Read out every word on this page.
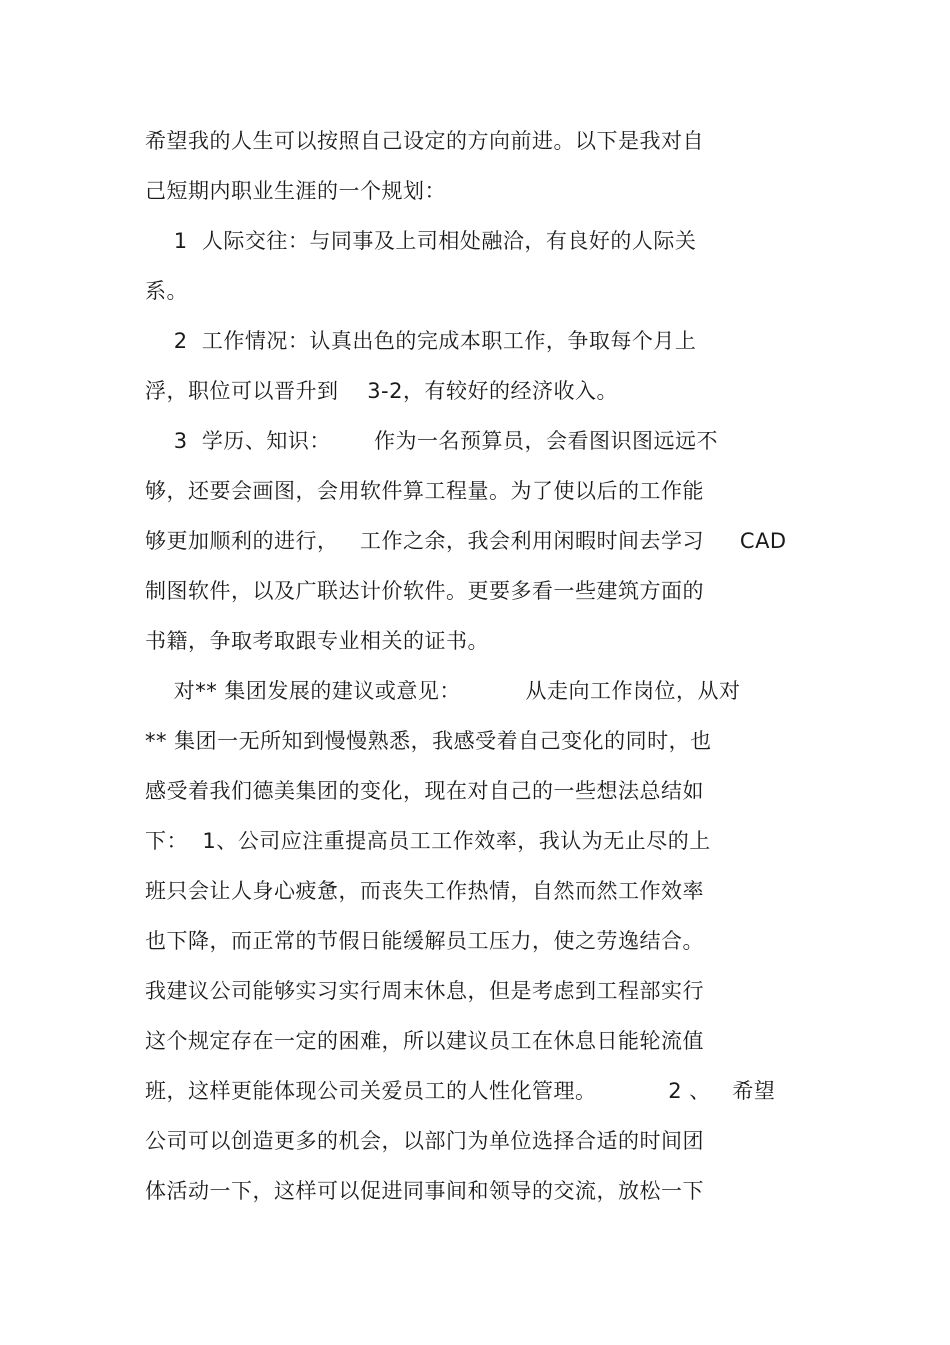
希望我的人生可以按照自己设定的方向前进。以下是我对自
己短期内职业生涯的一个规划：
1  人际交往：与同事及上司相处融洽，有良好的人际关
系。
2  工作情况：认真出色的完成本职工作，争取每个月上
浮，职位可以晋升到    3-2，有较好的经济收入。
3  学历、知识：      作为一名预算员，会看图识图远远不
够，还要会画图，会用软件算工程量。为了使以后的工作能
够更加顺利的进行，   工作之余，我会利用闲暇时间去学习     CAD
制图软件，以及广联达计价软件。更要多看一些建筑方面的
书籍，争取考取跟专业相关的证书。
对** 集团发展的建议或意见：         从走向工作岗位，从对
** 集团一无所知到慢慢熟悉，我感受着自己变化的同时，也
感受着我们德美集团的变化，现在对自己的一些想法总结如
下：  1、公司应注重提高员工工作效率，我认为无止尽的上
班只会让人身心疲惫，而丧失工作热情，自然而然工作效率
也下降，而正常的节假日能缓解员工压力，使之劳逸结合。
我建议公司能够实习实行周末休息，但是考虑到工程部实行
这个规定存在一定的困难，所以建议员工在休息日能轮流值
班，这样更能体现公司关爱员工的人性化管理。          2 、   希望
公司可以创造更多的机会，以部门为单位选择合适的时间团
体活动一下，这样可以促进同事间和领导的交流，放松一下
